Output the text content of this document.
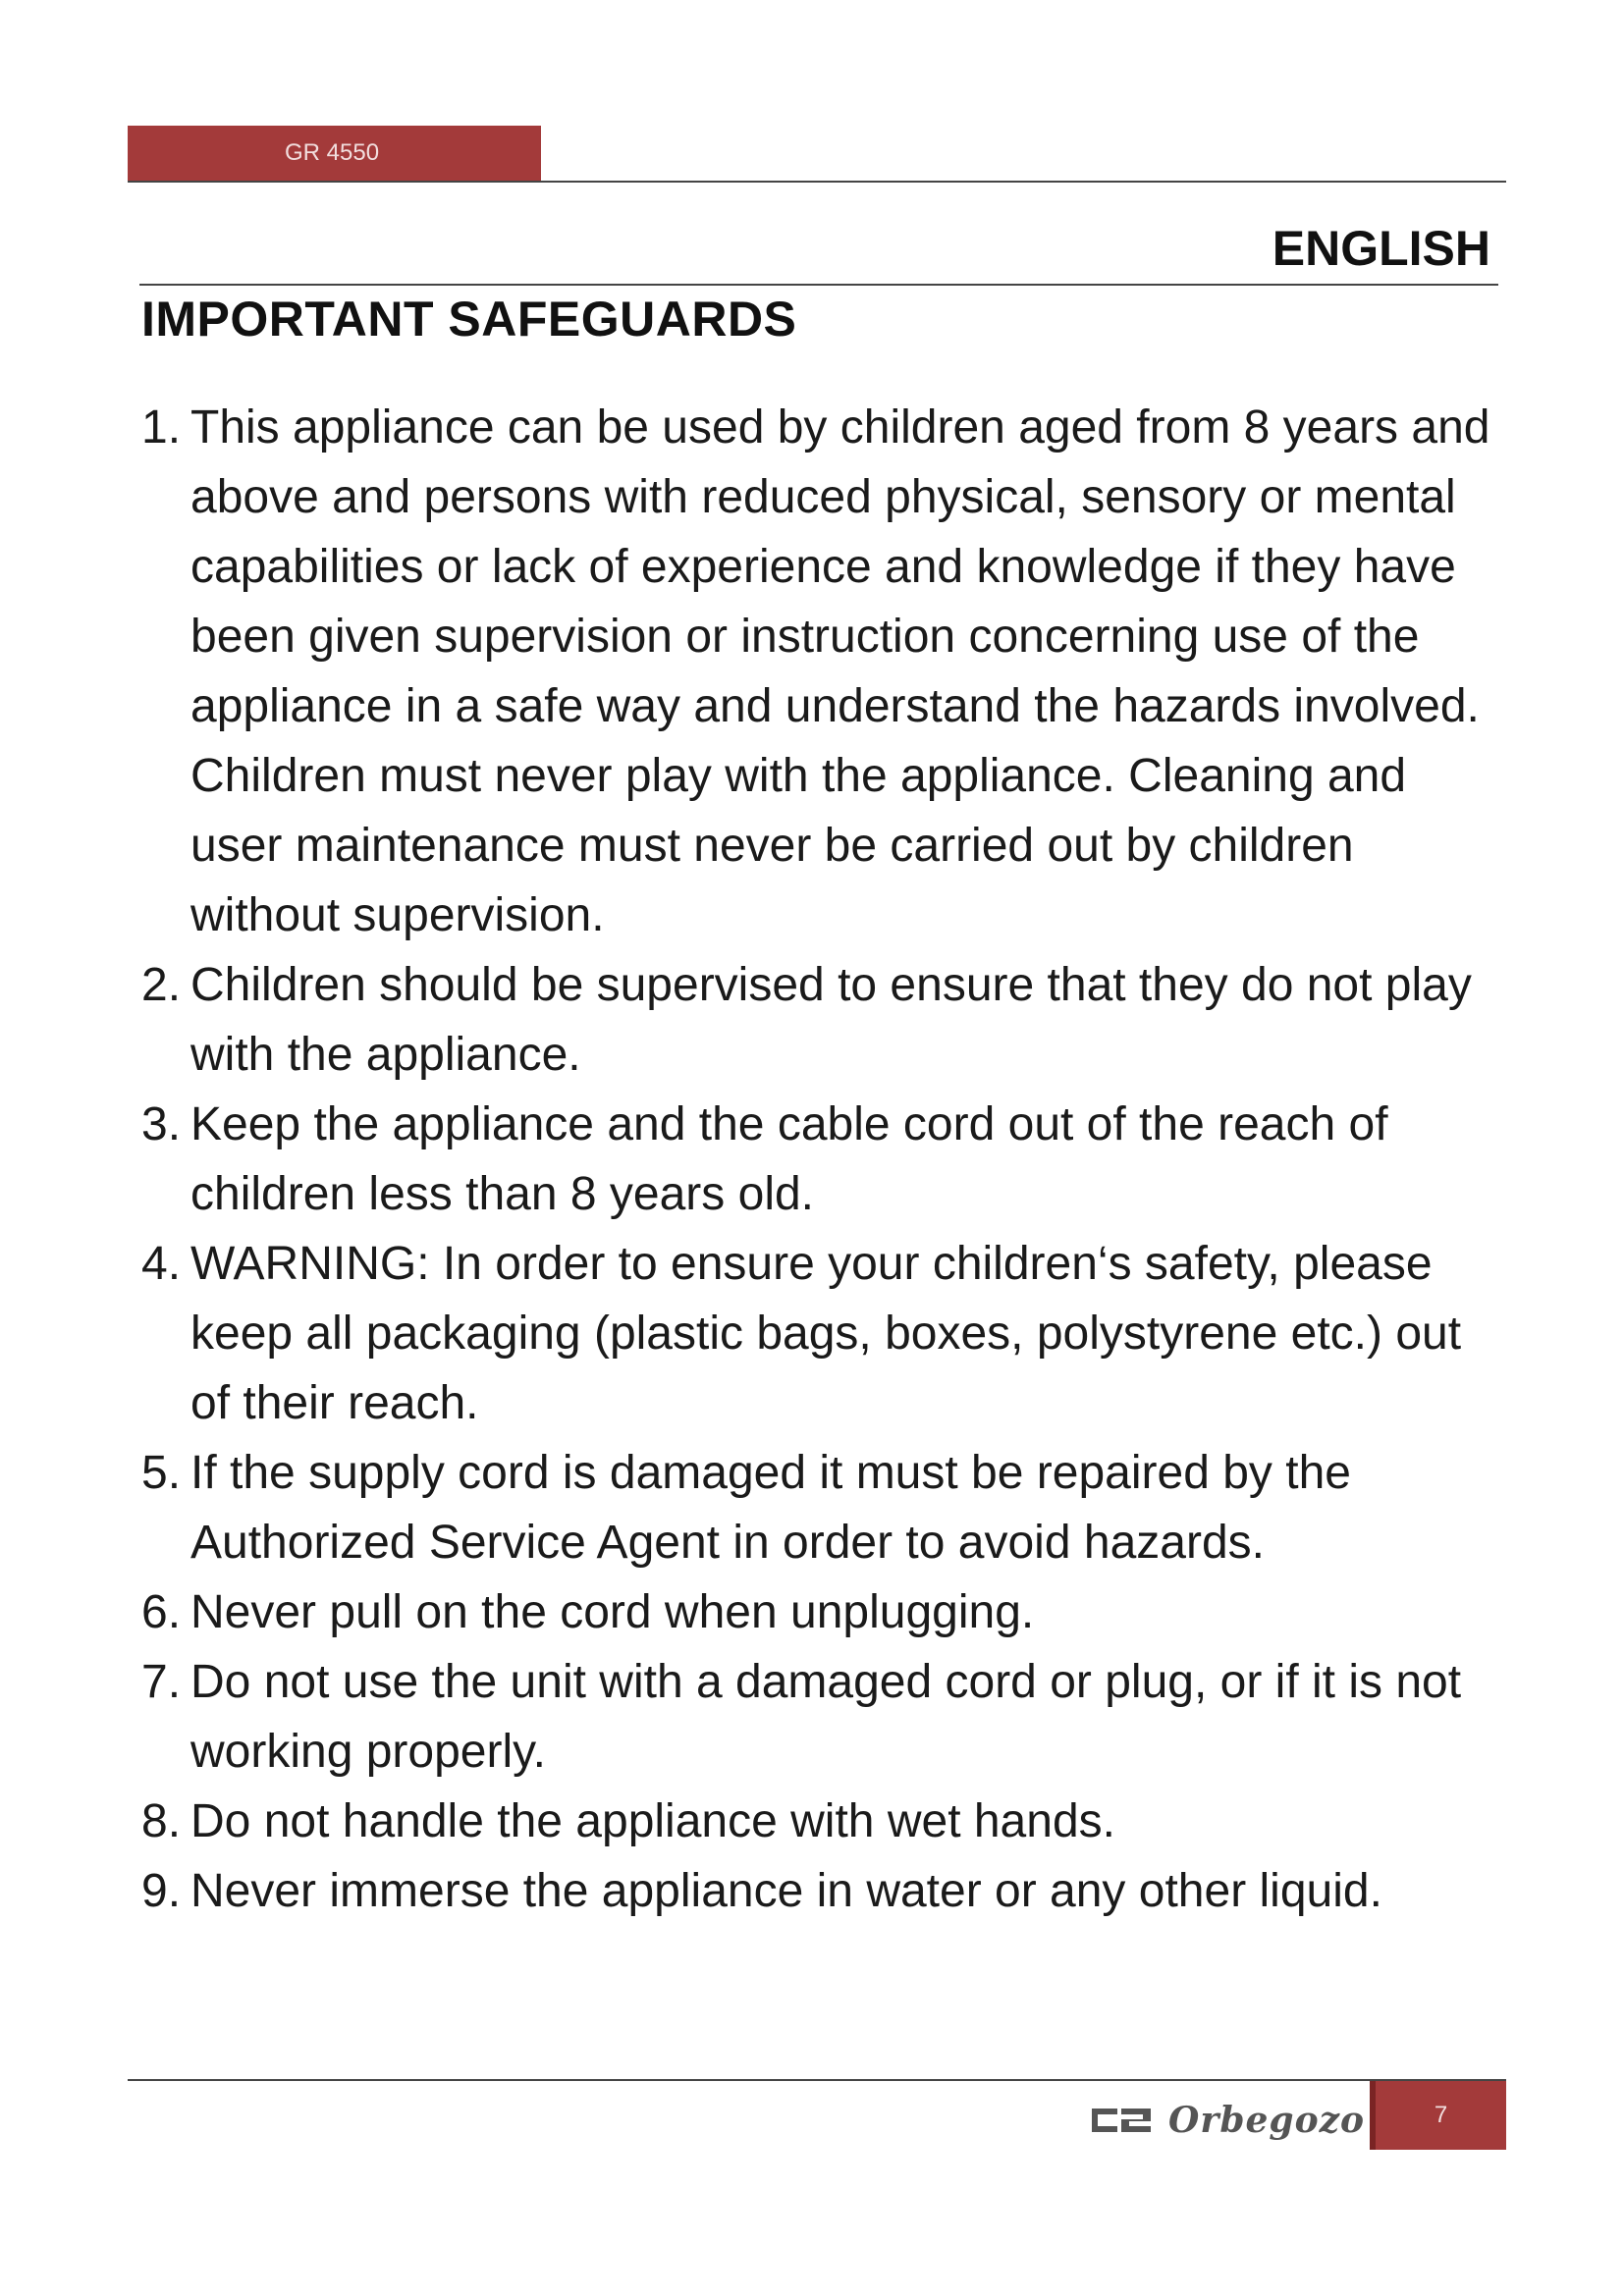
GR 4550
ENGLISH
IMPORTANT SAFEGUARDS
1. This appliance can be used by children aged from 8 years and above and persons with reduced physical, sensory or mental capabilities or lack of experience and knowledge if they have been given supervision or instruction concerning use of the appliance in a safe way and understand the hazards involved. Children must never play with the appliance. Cleaning and user maintenance must never be carried out by children without supervision.
2. Children should be supervised to ensure that they do not play with the appliance.
3. Keep the appliance and the cable cord out of the reach of children less than 8 years old.
4. WARNING: In order to ensure your children‘s safety, please keep all packaging (plastic bags, boxes, polystyrene etc.) out of their reach.
5. If the supply cord is damaged it must be repaired by the Authorized Service Agent in order to avoid hazards.
6. Never pull on the cord when unplugging.
7. Do not use the unit with a damaged cord or plug, or if it is not working properly.
8. Do not handle the appliance with wet hands.
9. Never immerse the appliance in water or any other liquid.
Orbegozo	7
